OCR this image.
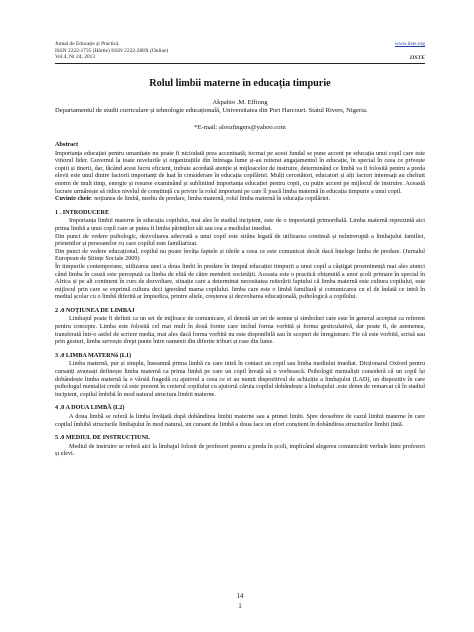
Jurnal de Educație și Practică
ISSN 2222-1735 (Hârtie) ISSN 2222-288X (Online)
Vol.4, Nr 24, 2013
www.iiste.org
IISTE
Rolul limbii materne în educația timpurie
Akpabio .M. Effiong
Departamentul de studii curriculare și tehnologie educațională, Universitatea din Port Harcourt. Statul Rivers, Nigeria.
*E-mail: alorafingers@yahoo.com
Abstract

Importanța educației pentru umanitate nu poate fi niciodată prea accentuată; tocmai pe acest fundal se pune accent pe educația unui copil care este viitorul lider. Guvernul la toate nivelurile și organizațiile din întreaga lume și-au reiterat angajamentul în educație, în special în ceea ce privește copiii și tinerii, dar, făcând acest lucru eficient, trebuie acordată atenție și mijloacelor de instruire, determinând ce limbă va fi folosită pentru a preda elevii este unul dintre factorii importanți de luat în considerare în educația copilăriei. Mulți cercetători, educatori și alți factori interesați au cheltuit enorm de mult timp, energie și resurse examinând și subliniind importanța educației pentru copii, cu puțin accent pe mijlocul de instruire. Această lucrare urmărește să ridice nivelul de conștiință cu privire la rolul important pe care îl joacă limba maternă în educația timpurie a unui copil.

Cuvinte cheie: noțiunea de limbă, mediu de predare, limba maternă, rolul limba maternă în educația copilăriei.

1 . INTRODUCERE

Importanța limbii materne în educația copilului, mai ales în stadiul incipient, este de o importanță primordială. Limba maternă reprezintă aici prima limbă a unui copil care ar putea fi limba părinților săi sau cea a mediului imediat.

Din punct de vedere psihologic, dezvoltarea adecvată a unui copil este strâns legată de utilizarea continuă și neîntreruptă a limbajului familiei, prietenilor și persoanelor cu care copilul este familiarizat.

Din punct de vedere educațional, copilul nu poate învăța faptele și ideile a ceea ce este comunicat decât dacă înțelege limba de predare. (Jurnalul European de Științe Sociale 2009)

În timpurile contemporane, utilizarea unei a doua limbi în predare în timpul educației timpurii a unui copil a câștigat proeminență mai ales atunci când limba în cauză este percepută ca limba de elită de către membrii societății. Aceasta este o practică obișnuită a unor școli primare în special în Africa și pe alt continent în curs de dezvoltare, situație care a determinat necesitatea reiterării faptului că limba maternă este cultura copilului, este mijlocul prin care se exprimă cultura deci ignorând mama copilului. limba care este o limbă familiară și comunicarea cu el de îndată ce intră în mediul școlar cu o limbă diferită ar împiedica, printre altele, creșterea și dezvoltarea educațională, psihologică a copilului.

2 .0 NOȚIUNEA DE LIMBAJ

Limbajul poate fi definit ca un set de mijloace de comunicare, el denotă un set de semne și simboluri care este în general acceptat ca referent pentru concepte. Limba este folosită cel mai mult în două forme care includ forma vorbită și forma gesticulativă, dar poate fi, de asemenea, transferată într-o astfel de scriere media, mai ales dacă forma vorbită nu este disponibilă sau în scopuri de înregistrare. Fie că este vorbită, scrisă sau prin gesturi, limba servește drept punte între oamenii din diferite triburi și rase din lume.

3 .0 LIMBA MATERNă (L1)

Limba maternă, pur și simplu, înseamnă prima limbă cu care intră în contact un copil sau limba mediului imediat. Dicționarul Oxford pentru cursanți avansați definește limba maternă ca prima limbă pe care un copil învață să o vorbească. Psihologii mentaliști consideră că un copil își dobândește limba maternă la o vârstă fragedă cu ajutorul a ceea ce ei au numit dispozitivul de achiziție a limbajului (LAD), un dispozitiv în care psihologul mentalist crede că este prezent în creierul copilului cu ajutorul căruia copilul dobândește a limbajului .este demn de remarcat că în stadiul incipient, copilul îmbibă în mod natural structura limbii materne.

4 .0 A DOUA LIMBĂ (L2)

A doua limbă se referă la limba învățată după dobândirea limbii materne sau a primei limbi. Spre deosebire de cazul limbii materne în care copilul îmbibă structurile limbajului în mod natural, un cursant de limbă a doua face un efort conștient în dobândirea structurilor limbii țintă.

5 .0 MEDIUL DE INSTRUCȚIUNI.

Mediul de instruire se referă aici la limbajul folosit de profesori pentru a preda în școli, implicând alegerea comunicării verbale între profesori și elevi.

14
1
